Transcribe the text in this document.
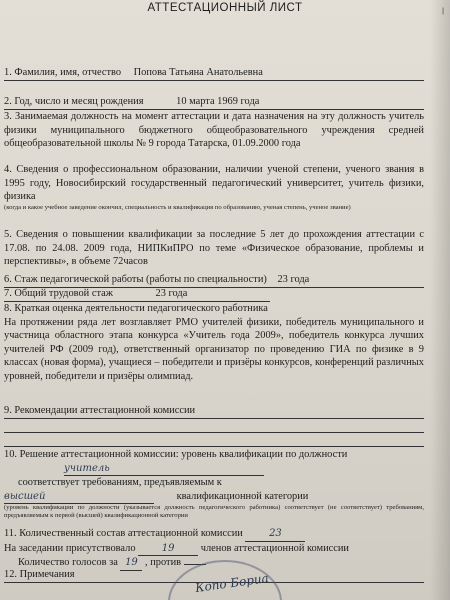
|
АТТЕСТАЦИОННЫЙ ЛИСТ
1. Фамилия, имя, отчество Попова Татьяна Анатольевна
2. Год, число и месяц рождения	10 марта 1969 года
3. Занимаемая должность на момент аттестации и дата назначения на эту должность учитель физики муниципального бюджетного общеобразовательного учреждения средней общеобразовательной школы № 9 города Татарска, 01.09.2000 года
4. Сведения о профессиональном образовании, наличии ученой степени, ученого звания в 1995 году, Новосибирский государственный педагогический университет, учитель физики, физика
(когда и какое учебное заведение окончил, специальность и квалификация по образованию, ученая степень, ученое звание)
5. Сведения о повышении квалификации за последние 5 лет до прохождения аттестации с 17.08. по 24.08. 2009 года, НИПКиПРО по теме «Физическое образование, проблемы и перспективы», в объеме 72часов
6. Стаж педагогической работы (работы по специальности) 23 года
7. Общий трудовой стаж	23 года
8. Краткая оценка деятельности педагогического работника
На протяжении ряда лет возглавляет РМО учителей физики, победитель муниципального и участница областного этапа конкурса «Учитель года 2009», победитель конкурса лучших учителей РФ (2009 год), ответственный организатор по проведению ГИА по физике в 9 классах (новая форма), учащиеся – победители и призёры конкурсов, конференций различных уровней, победители и призёры олимпиад.
9. Рекомендации аттестационной комиссии
10. Решение аттестационной комиссии: уровень квалификации по должности
учитель
соответствует требованиям, предъявляемым к
высшей	квалификационной категории
(уровень квалификации по должности (указывается должность педагогического работника) соответствует (не соответствует) требованиям, предъявляемым к первой (высшей) квалификационной категории
11. Количественный состав аттестационной комиссии	23
На заседании присутствовало	19	членов аттестационной комиссии
Количество голосов за 19 , против
12. Примечания	Копо Бориа
